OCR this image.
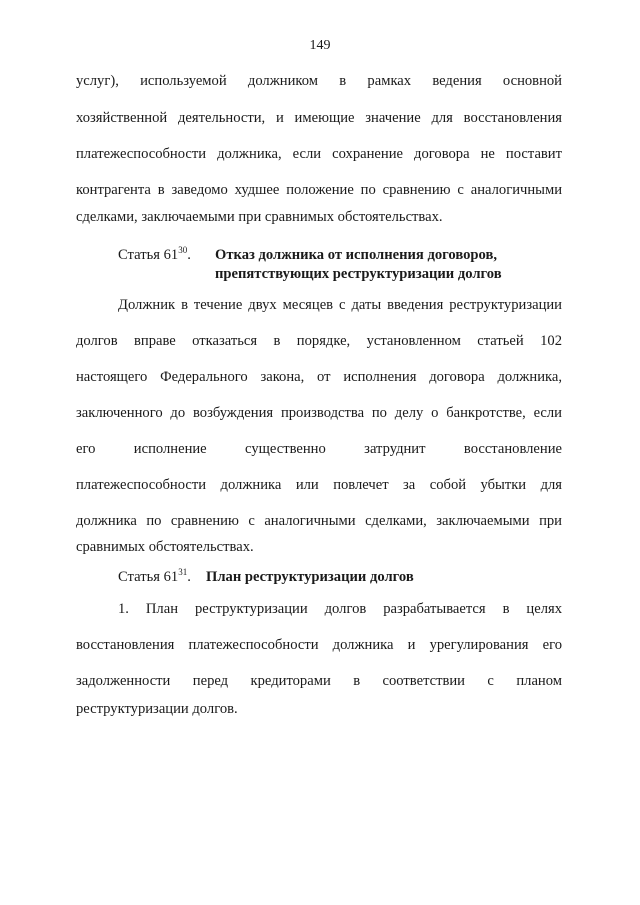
149
услуг), используемой должником в рамках ведения основной
хозяйственной деятельности, и имеющие значение для восстановления
платежеспособности должника, если сохранение договора не поставит
контрагента в заведомо худшее положение по сравнению с аналогичными
сделками, заключаемыми при сравнимых обстоятельствах.
Статья $61^{30}$. Отказ должника от исполнения договоров,
препятствующих реструктуризации долгов
Должник в течение двух месяцев с даты введения реструктуризации
долгов вправе отказаться в порядке, установленном статьей 102
настоящего Федерального закона, от исполнения договора должника,
заключенного до возбуждения производства по делу о банкротстве, если
его исполнение существенно затруднит восстановление
платежеспособности должника или повлечет за собой убытки для
должника по сравнению с аналогичными сделками, заключаемыми при
сравнимых обстоятельствах.
Статья $61^{31}$. План реструктуризации долгов
1. План реструктуризации долгов разрабатывается в целях
восстановления платежеспособности должника и урегулирования его
задолженности перед кредиторами в соответствии с планом
реструктуризации долгов.
